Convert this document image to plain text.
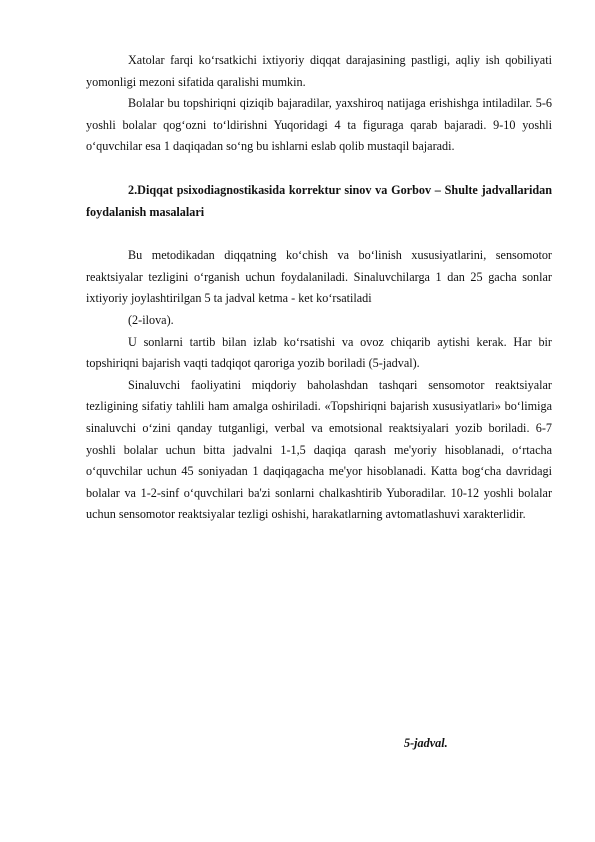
Xatolar farqi ko‘rsatkichi ixtiyoriy diqqat darajasining pastligi, aqliy ish qobiliyati yomonligi mezoni sifatida qaralishi mumkin.

Bolalar bu topshiriqni qiziqib bajaradilar, yaxshiroq natijaga erishishga intiladilar. 5-6 yoshli bolalar qog‘ozni to‘ldirishni Yuqoridagi 4 ta figuraga qarab bajaradi. 9-10 yoshli o‘quvchilar esa 1 daqiqadan so‘ng bu ishlarni eslab qolib mustaqil bajaradi.

2.Diqqat psixodiagnostikasida korrektur sinov va Gorbov – Shulte jadvallaridan foydalanish masalalari

Bu metodikadan diqqatning ko‘chish va bo‘linish xususiyatlarini, sensomotor reaktsiyalar tezligini o‘rganish uchun foydalaniladi. Sinaluvchilarga 1 dan 25 gacha sonlar ixtiyoriy joylashtirilgan 5 ta jadval ketma - ket ko‘rsatiladi

(2-ilova).

U sonlarni tartib bilan izlab ko‘rsatishi va ovoz chiqarib aytishi kerak. Har bir topshiriqni bajarish vaqti tadqiqot qaroriga yozib boriladi (5-jadval).

Sinaluvchi faoliyatini miqdoriy baholashdan tashqari sensomotor reaktsiyalar tezligining sifatiy tahlili ham amalga oshiriladi. «Topshiriqni bajarish xususiyatlari» bo‘limiga sinaluvchi o‘zini qanday tutganligi, verbal va emotsional reaktsiyalari yozib boriladi. 6-7 yoshli bolalar uchun bitta jadvalni 1-1,5 daqiqa qarash me'yoriy hisoblanadi, o‘rtacha o‘quvchilar uchun 45 soniyadan 1 daqiqagacha me'yor hisoblanadi. Katta bog‘cha davridagi bolalar va 1-2-sinf o‘quvchilari ba'zi sonlarni chalkashtirib Yuboradilar. 10-12 yoshli bolalar uchun sensomotor reaktsiyalar tezligi oshishi, harakatlarning avtomatlashuvi xarakterlidir.

5-jadval.
